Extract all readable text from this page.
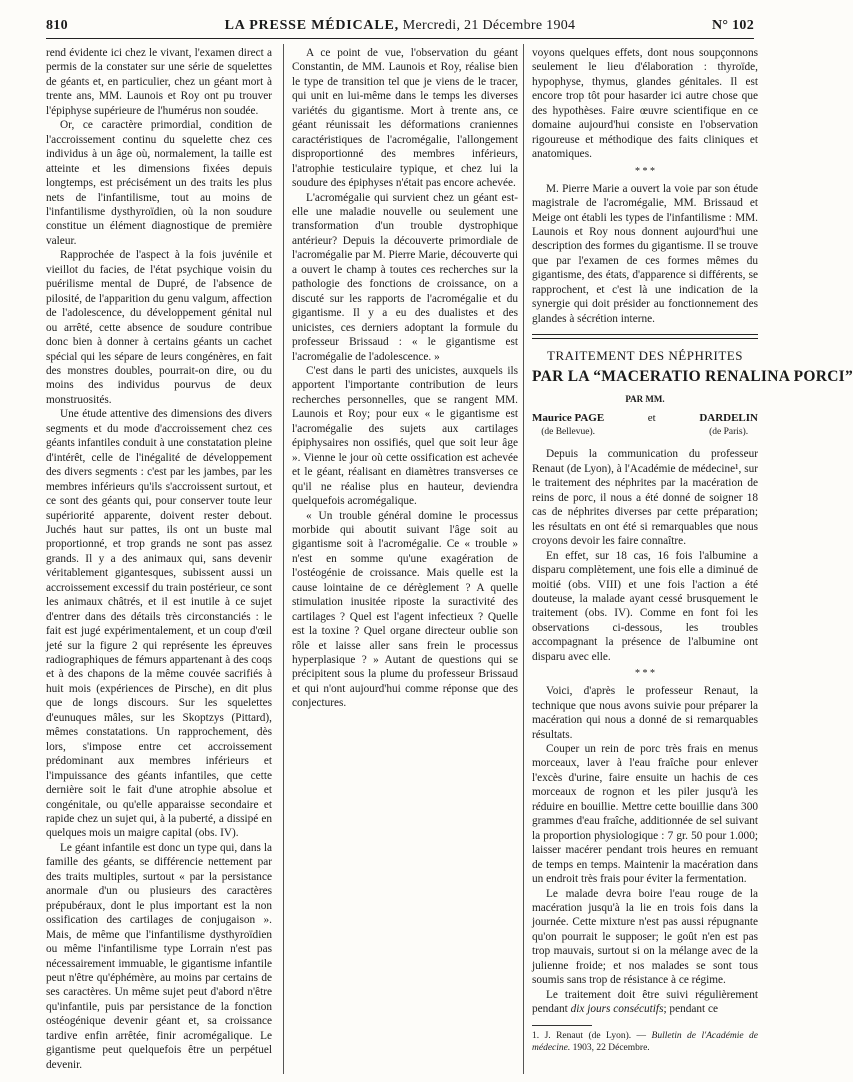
810	LA PRESSE MÉDICALE, Mercredi, 21 Décembre 1904	N° 102

rend évidente ici chez le vivant, l'examen direct a permis de la constater sur une série de squelettes de géants et, en particulier, chez un géant mort à trente ans, MM. Launois et Roy ont pu trouver l'épiphyse supérieure de l'humérus non soudée.

Or, ce caractère primordial, condition de l'accroissement continu du squelette chez ces individus à un âge où, normalement, la taille est atteinte et les dimensions fixées depuis longtemps, est précisément un des traits les plus nets de l'infantilisme, tout au moins de l'infantilisme dysthyroïdien, où la non soudure constitue un élément diagnostique de première valeur.

Rapprochée de l'aspect à la fois juvénile et vieillot du facies, de l'état psychique voisin du puérilisme mental de Dupré, de l'absence de pilosité, de l'apparition du genu valgum, affection de l'adolescence, du développement génital nul ou arrêté, cette absence de soudure contribue donc bien à donner à certains géants un cachet spécial qui les sépare de leurs congénères, en fait des monstres doubles, pourrait-on dire, ou du moins des individus pourvus de deux monstruosités.

Une étude attentive des dimensions des divers segments et du mode d'accroissement chez ces géants infantiles conduit à une constatation pleine d'intérêt, celle de l'inégalité de développement des divers segments : c'est par les jambes, par les membres inférieurs qu'ils s'accroissent surtout, et ce sont des géants qui, pour conserver toute leur supériorité apparente, doivent rester debout. Juchés haut sur pattes, ils ont un buste mal proportionné, et trop grands ne sont pas assez grands. Il y a des animaux qui, sans devenir véritablement gigantesques, subissent aussi un accroissement excessif du train postérieur, ce sont les animaux châtrés, et il est inutile à ce sujet d'entrer dans des détails très circonstanciés : le fait est jugé expérimentalement, et un coup d'œil jeté sur la figure 2 qui représente les épreuves radiographiques de fémurs appartenant à des coqs et à des chapons de la même couvée sacrifiés à huit mois (expériences de Pirsche), en dit plus que de longs discours. Sur les squelettes d'eunuques mâles, sur les Skoptzys (Pittard), mêmes constatations. Un rapprochement, dès lors, s'impose entre cet accroissement prédominant aux membres inférieurs et l'impuissance des géants infantiles, que cette dernière soit le fait d'une atrophie absolue et congénitale, ou qu'elle apparaisse secondaire et rapide chez un sujet qui, à la puberté, a dissipé en quelques mois un maigre capital (obs. IV).

Le géant infantile est donc un type qui, dans la famille des géants, se différencie nettement par des traits multiples, surtout « par la persistance anormale d'un ou plusieurs des caractères prépubéraux, dont le plus important est la non ossification des cartilages de conjugaison ». Mais, de même que l'infantilisme dysthyroïdien ou même l'infantilisme type Lorrain n'est pas nécessairement immuable, le gigantisme infantile peut n'être qu'éphémère, au moins par certains de ses caractères. Un même sujet peut d'abord n'être qu'infantile, puis par persistance de la fonction ostéogénique devenir géant et, sa croissance tardive enfin arrêtée, finir acromégalique. Le gigantisme peut quelquefois être un perpétuel devenir.

A ce point de vue, l'observation du géant Constantin, de MM. Launois et Roy, réalise bien le type de transition tel que je viens de le tracer, qui unit en lui-même dans le temps les diverses variétés du gigantisme. Mort à trente ans, ce géant réunissait les déformations craniennes caractéristiques de l'acromégalie, l'allongement disproportionné des membres inférieurs, l'atrophie testiculaire typique, et chez lui la soudure des épiphyses n'était pas encore achevée.

L'acromégalie qui survient chez un géant est-elle une maladie nouvelle ou seulement une transformation d'un trouble dystrophique antérieur? Depuis la découverte primordiale de l'acromégalie par M. Pierre Marie, découverte qui a ouvert le champ à toutes ces recherches sur la pathologie des fonctions de croissance, on a discuté sur les rapports de l'acromégalie et du gigantisme. Il y a eu des dualistes et des unicistes, ces derniers adoptant la formule du professeur Brissaud : « le gigantisme est l'acromégalie de l'adolescence. »

C'est dans le parti des unicistes, auxquels ils apportent l'importante contribution de leurs recherches personnelles, que se rangent MM. Launois et Roy; pour eux « le gigantisme est l'acromégalie des sujets aux cartilages épiphysaires non ossifiés, quel que soit leur âge ». Vienne le jour où cette ossification est achevée et le géant, réalisant en diamètres transverses ce qu'il ne réalise plus en hauteur, deviendra quelquefois acromégalique.

« Un trouble général domine le processus morbide qui aboutit suivant l'âge soit au gigantisme soit à l'acromégalie. Ce « trouble » n'est en somme qu'une exagération de l'ostéogénie de croissance. Mais quelle est la cause lointaine de ce dérèglement ? A quelle stimulation inusitée riposte la suractivité des cartilages ? Quel est l'agent infectieux ? Quelle est la toxine ? Quel organe directeur oublie son rôle et laisse aller sans frein le processus hyperplasique ? » Autant de questions qui se précipitent sous la plume du professeur Brissaud et qui n'ont aujourd'hui comme réponse que des conjectures.

voyons quelques effets, dont nous soupçonnons seulement le lieu d'élaboration : thyroïde, hypophyse, thymus, glandes génitales. Il est encore trop tôt pour hasarder ici autre chose que des hypothèses. Faire œuvre scientifique en ce domaine aujourd'hui consiste en l'observation rigoureuse et méthodique des faits cliniques et anatomiques.

* * *

M. Pierre Marie a ouvert la voie par son étude magistrale de l'acromégalie, MM. Brissaud et Meige ont établi les types de l'infantilisme : MM. Launois et Roy nous donnent aujourd'hui une description des formes du gigantisme. Il se trouve que par l'examen de ces formes mêmes du gigantisme, des états, d'apparence si différents, se rapprochent, et c'est là une indication de la synergie qui doit présider au fonctionnement des glandes à sécrétion interne.

TRAITEMENT DES NÉPHRITES
PAR LA “MACERATIO RENALINA PORCI”
PAR MM.
Maurice PAGE
(de Bellevue).
et	DARDELIN
(de Paris).

Depuis la communication du professeur Renaut (de Lyon), à l'Académie de médecine¹, sur le traitement des néphrites par la macération de reins de porc, il nous a été donné de soigner 18 cas de néphrites diverses par cette préparation; les résultats en ont été si remarquables que nous croyons devoir les faire connaître.

En effet, sur 18 cas, 16 fois l'albumine a disparu complètement, une fois elle a diminué de moitié (obs. VIII) et une fois l'action a été douteuse, la malade ayant cessé brusquement le traitement (obs. IV). Comme en font foi les observations ci-dessous, les troubles accompagnant la présence de l'albumine ont disparu avec elle.

* * *

Voici, d'après le professeur Renaut, la technique que nous avons suivie pour préparer la macération qui nous a donné de si remarquables résultats.

Couper un rein de porc très frais en menus morceaux, laver à l'eau fraîche pour enlever l'excès d'urine, faire ensuite un hachis de ces morceaux de rognon et les piler jusqu'à les réduire en bouillie. Mettre cette bouillie dans 300 grammes d'eau fraîche, additionnée de sel suivant la proportion physiologique : 7 gr. 50 pour 1.000; laisser macérer pendant trois heures en remuant de temps en temps. Maintenir la macération dans un endroit très frais pour éviter la fermentation.

Le malade devra boire l'eau rouge de la macération jusqu'à la lie en trois fois dans la journée. Cette mixture n'est pas aussi répugnante qu'on pourrait le supposer; le goût n'en est pas trop mauvais, surtout si on la mélange avec de la julienne froide; et nos malades se sont tous soumis sans trop de résistance à ce régime.

Le traitement doit être suivi régulièrement pendant dix jours consécutifs; pendant ce

1. J. Renaut (de Lyon). — Bulletin de l'Académie de médecine. 1903, 22 Décembre.
